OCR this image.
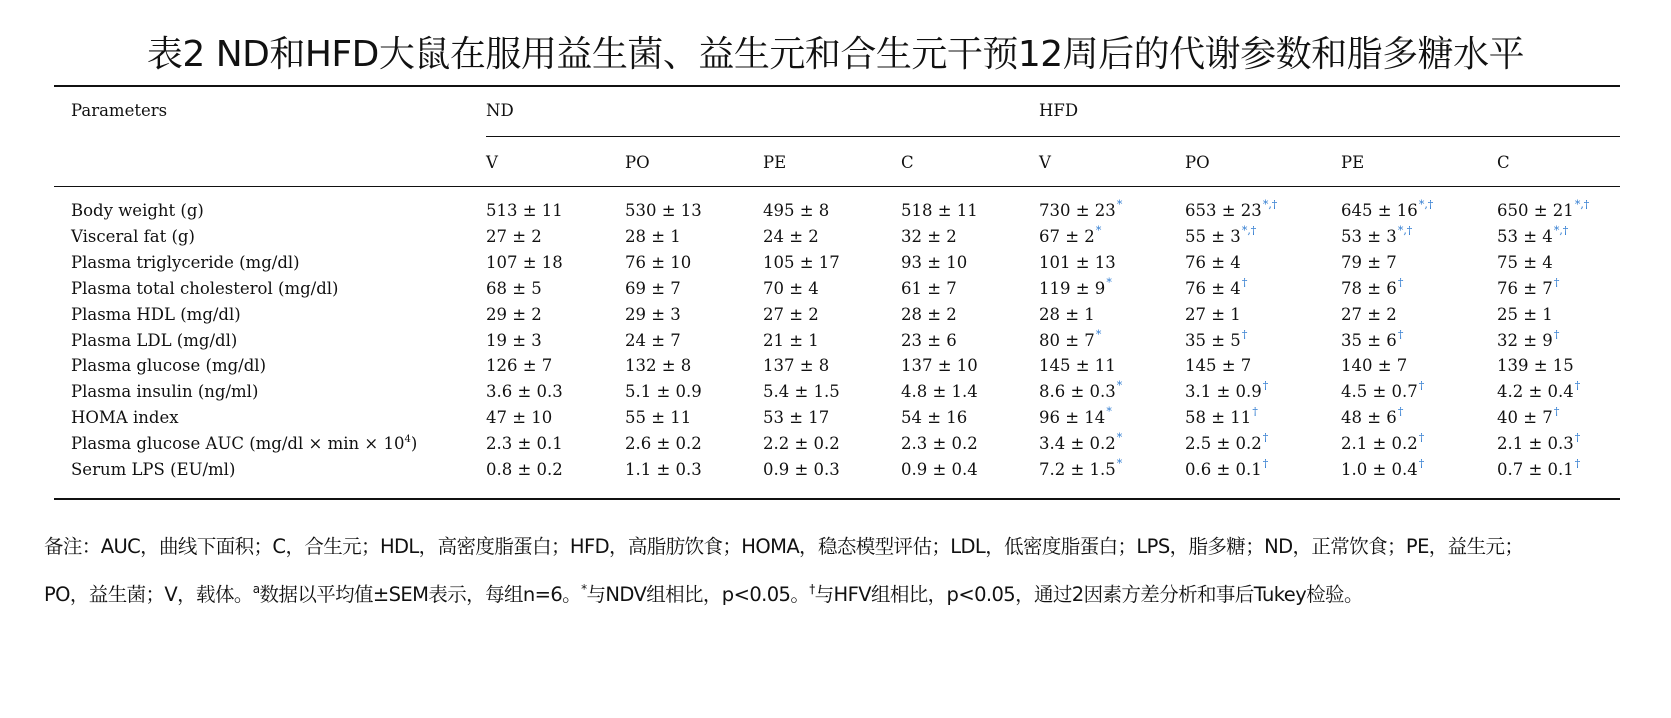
表2 ND和HFD大鼠在服用益生菌、益生元和合生元干预12周后的代谢参数和脂多糖水平
Parameters	ND	HFD
V	PO	PE	C	V	PO	PE	C
Body weight (g)	513 ± 11	530 ± 13	495 ± 8	518 ± 11	730 ± 23*	653 ± 23*,†	645 ± 16*,†	650 ± 21*,†
Visceral fat (g)	27 ± 2	28 ± 1	24 ± 2	32 ± 2	67 ± 2*	55 ± 3*,†	53 ± 3*,†	53 ± 4*,†
Plasma triglyceride (mg/dl)	107 ± 18	76 ± 10	105 ± 17	93 ± 10	101 ± 13	76 ± 4	79 ± 7	75 ± 4
Plasma total cholesterol (mg/dl)	68 ± 5	69 ± 7	70 ± 4	61 ± 7	119 ± 9*	76 ± 4†	78 ± 6†	76 ± 7†
Plasma HDL (mg/dl)	29 ± 2	29 ± 3	27 ± 2	28 ± 2	28 ± 1	27 ± 1	27 ± 2	25 ± 1
Plasma LDL (mg/dl)	19 ± 3	24 ± 7	21 ± 1	23 ± 6	80 ± 7*	35 ± 5†	35 ± 6†	32 ± 9†
Plasma glucose (mg/dl)	126 ± 7	132 ± 8	137 ± 8	137 ± 10	145 ± 11	145 ± 7	140 ± 7	139 ± 15
Plasma insulin (ng/ml)	3.6 ± 0.3	5.1 ± 0.9	5.4 ± 1.5	4.8 ± 1.4	8.6 ± 0.3*	3.1 ± 0.9†	4.5 ± 0.7†	4.2 ± 0.4†
HOMA index	47 ± 10	55 ± 11	53 ± 17	54 ± 16	96 ± 14*	58 ± 11†	48 ± 6†	40 ± 7†
Plasma glucose AUC $(mg/dl \times \min \times 10^4)$	2.3 ± 0.1	2.6 ± 0.2	2.2 ± 0.2	2.3 ± 0.2	3.4 ± 0.2*	2.5 ± 0.2†	2.1 ± 0.2†	2.1 ± 0.3†
Serum LPS (EU/ml)	0.8 ± 0.2	1.1 ± 0.3	0.9 ± 0.3	0.9 ± 0.4	7.2 ± 1.5*	0.6 ± 0.1†	1.0 ± 0.4†	0.7 ± 0.1†
备注：AUC，曲线下面积；C，合生元；HDL，高密度脂蛋白；HFD，高脂肪饮食；HOMA，稳态模型评估；LDL，低密度脂蛋白；LPS，脂多糖；ND，正常饮食；PE，益生元；
PO，益生菌；V，载体。$^a$数据以平均值±SEM表示，每组n=6。*与NDV组相比，p<0.05。†与HFV组相比，p<0.05，通过2因素方差分析和事后Tukey检验。
